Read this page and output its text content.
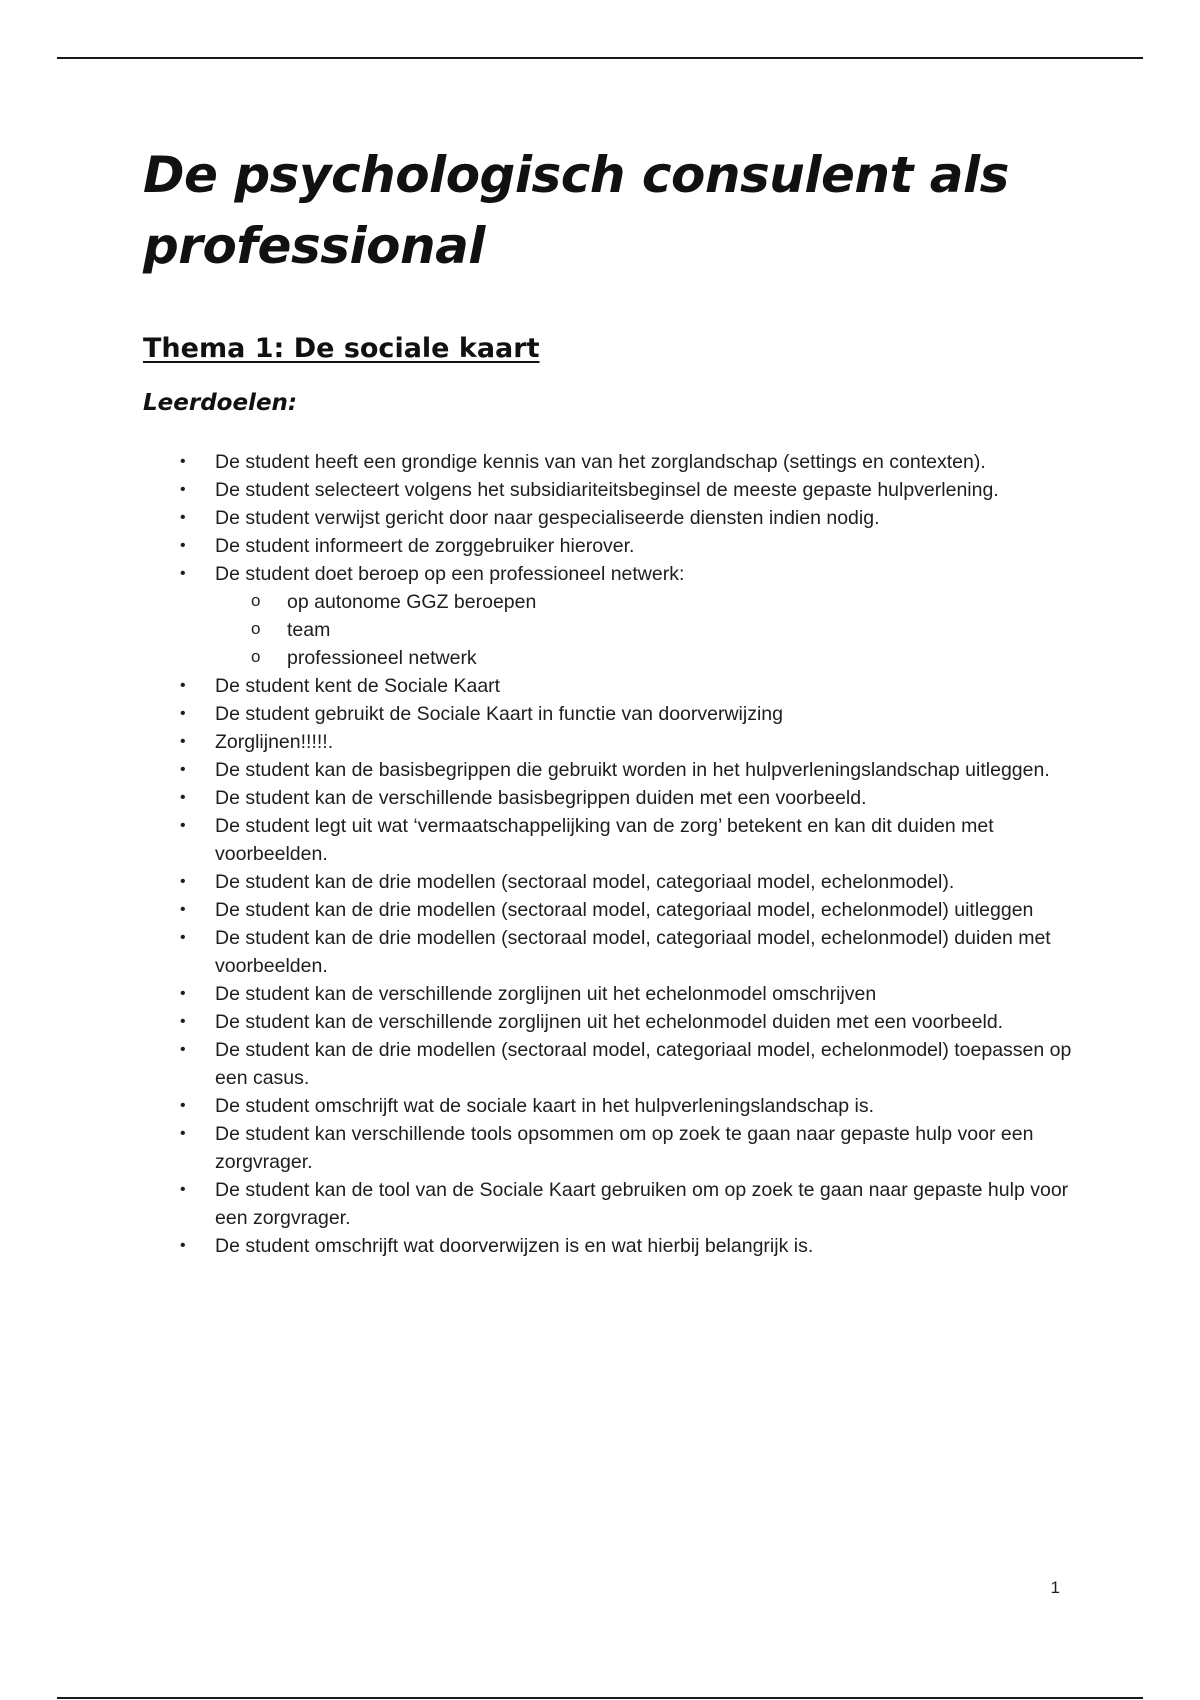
De psychologisch consulent als professional
Thema 1: De sociale kaart
Leerdoelen:
• De student heeft een grondige kennis van van het zorglandschap (settings en contexten).
• De student selecteert volgens het subsidiariteitsbeginsel de meeste gepaste hulpverlening.
• De student verwijst gericht door naar gespecialiseerde diensten indien nodig.
• De student informeert de zorggebruiker hierover.
• De student doet beroep op een professioneel netwerk:
o op autonome GGZ beroepen
o team
o professioneel netwerk
• De student kent de Sociale Kaart
• De student gebruikt de Sociale Kaart in functie van doorverwijzing
• Zorglijnen!!!!!.
• De student kan de basisbegrippen die gebruikt worden in het hulpverleningslandschap uitleggen.
• De student kan de verschillende basisbegrippen duiden met een voorbeeld.
• De student legt uit wat ‘vermaatschappelijking van de zorg’ betekent en kan dit duiden met voorbeelden.
• De student kan de drie modellen (sectoraal model, categoriaal model, echelonmodel).
• De student kan de drie modellen (sectoraal model, categoriaal model, echelonmodel) uitleggen
• De student kan de drie modellen (sectoraal model, categoriaal model, echelonmodel) duiden met voorbeelden.
• De student kan de verschillende zorglijnen uit het echelonmodel omschrijven
• De student kan de verschillende zorglijnen uit het echelonmodel duiden met een voorbeeld.
• De student kan de drie modellen (sectoraal model, categoriaal model, echelonmodel) toepassen op een casus.
• De student omschrijft wat de sociale kaart in het hulpverleningslandschap is.
• De student kan verschillende tools opsommen om op zoek te gaan naar gepaste hulp voor een zorgvrager.
• De student kan de tool van de Sociale Kaart gebruiken om op zoek te gaan naar gepaste hulp voor een zorgvrager.
• De student omschrijft wat doorverwijzen is en wat hierbij belangrijk is.
1
